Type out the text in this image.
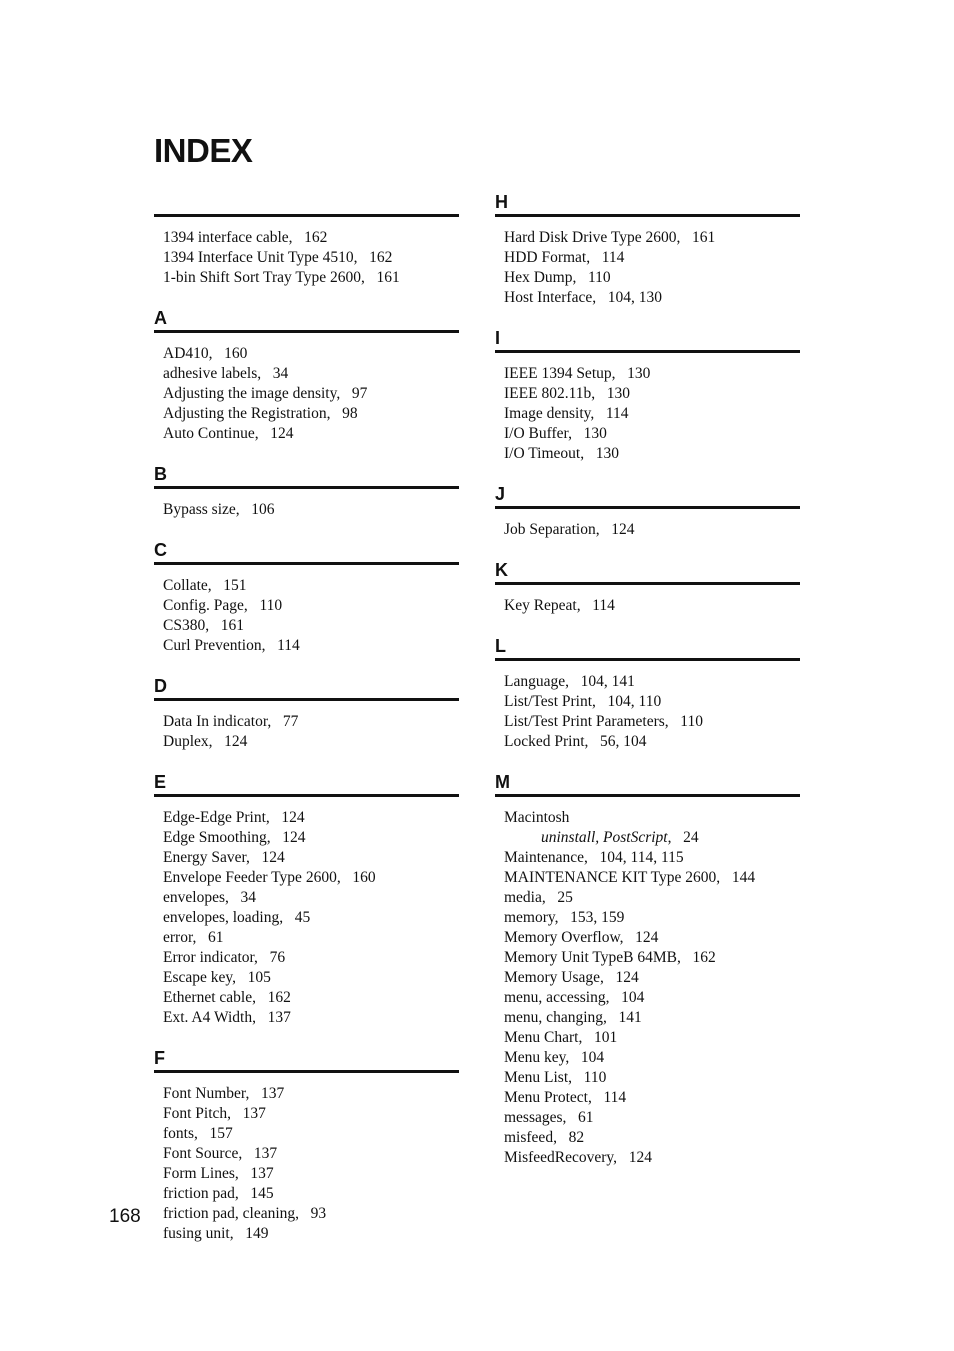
INDEX
1394 interface cable, 162
1394 Interface Unit Type 4510, 162
1-bin Shift Sort Tray Type 2600, 161
A
AD410, 160
adhesive labels, 34
Adjusting the image density, 97
Adjusting the Registration, 98
Auto Continue, 124
B
Bypass size, 106
C
Collate, 151
Config. Page, 110
CS380, 161
Curl Prevention, 114
D
Data In indicator, 77
Duplex, 124
E
Edge-Edge Print, 124
Edge Smoothing, 124
Energy Saver, 124
Envelope Feeder Type 2600, 160
envelopes, 34
envelopes, loading, 45
error, 61
Error indicator, 76
Escape key, 105
Ethernet cable, 162
Ext. A4 Width, 137
F
Font Number, 137
Font Pitch, 137
fonts, 157
Font Source, 137
Form Lines, 137
friction pad, 145
friction pad, cleaning, 93
fusing unit, 149
H
Hard Disk Drive Type 2600, 161
HDD Format, 114
Hex Dump, 110
Host Interface, 104, 130
I
IEEE 1394 Setup, 130
IEEE 802.11b, 130
Image density, 114
I/O Buffer, 130
I/O Timeout, 130
J
Job Separation, 124
K
Key Repeat, 114
L
Language, 104, 141
List/Test Print, 104, 110
List/Test Print Parameters, 110
Locked Print, 56, 104
M
Macintosh
uninstall, PostScript, 24
Maintenance, 104, 114, 115
MAINTENANCE KIT Type 2600, 144
media, 25
memory, 153, 159
Memory Overflow, 124
Memory Unit TypeB 64MB, 162
Memory Usage, 124
menu, accessing, 104
menu, changing, 141
Menu Chart, 101
Menu key, 104
Menu List, 110
Menu Protect, 114
messages, 61
misfeed, 82
MisfeedRecovery, 124
168
